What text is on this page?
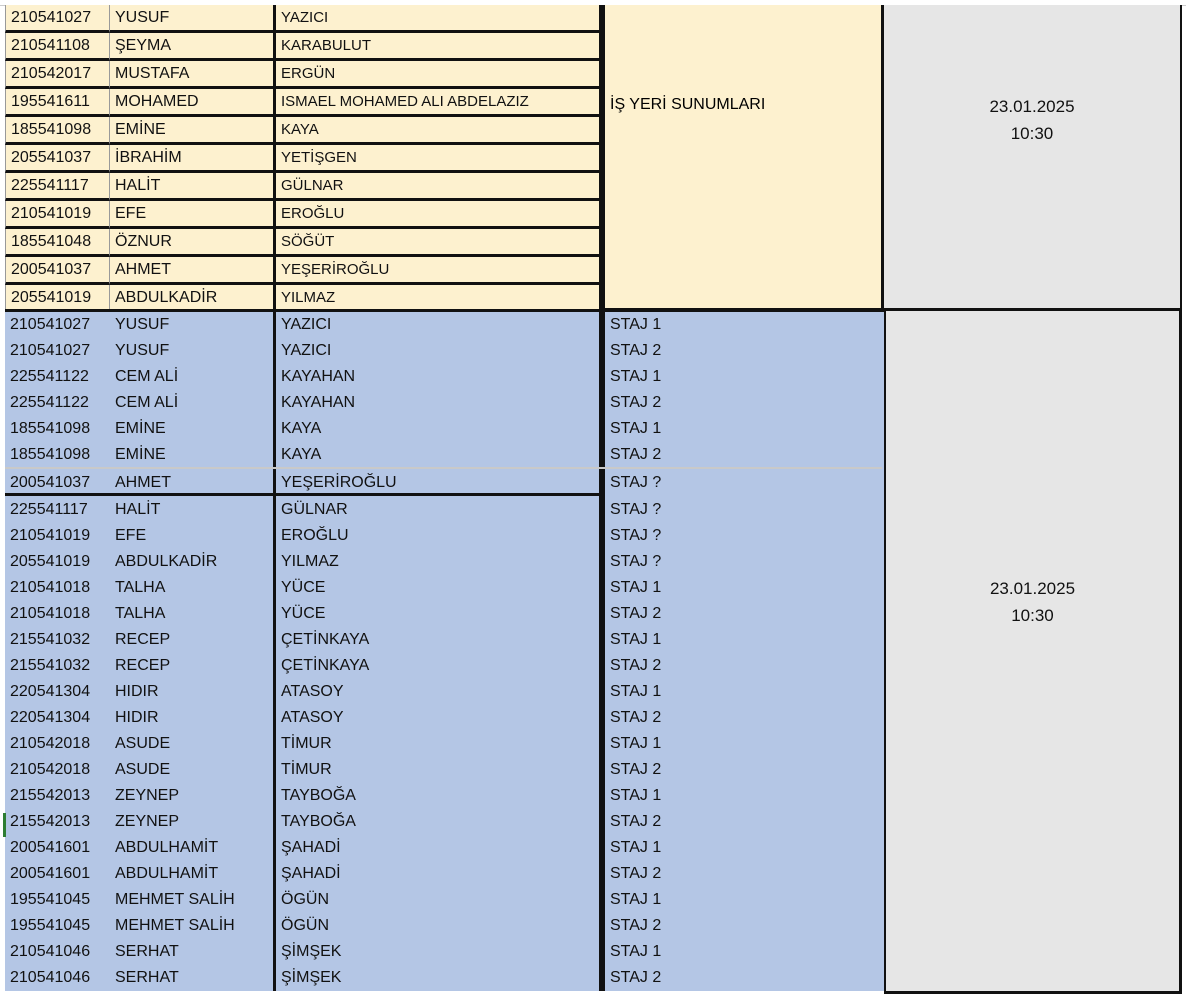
210541027	YUSUF	YAZICI
210541108	ŞEYMA	KARABULUT
210542017	MUSTAFA	ERGÜN
195541611	MOHAMED	ISMAEL MOHAMED ALI ABDELAZIZ
185541098	EMİNE	KAYA
205541037	İBRAHİM	YETİŞGEN
225541117	HALİT	GÜLNAR
210541019	EFE	EROĞLU
185541048	ÖZNUR	SÖĞÜT
200541037	AHMET	YEŞERİROĞLU
205541019	ABDULKADİR	YILMAZ
İŞ YERİ SUNUMLARI	23.01.2025
10:30
210541027	YUSUF	YAZICI	STAJ 1
210541027	YUSUF	YAZICI	STAJ 2
225541122	CEM ALİ	KAYAHAN	STAJ 1
225541122	CEM ALİ	KAYAHAN	STAJ 2
185541098	EMİNE	KAYA	STAJ 1
185541098	EMİNE	KAYA	STAJ 2
200541037	AHMET	YEŞERİROĞLU	STAJ ?
225541117	HALİT	GÜLNAR	STAJ ?
210541019	EFE	EROĞLU	STAJ ?
205541019	ABDULKADİR	YILMAZ	STAJ ?
210541018	TALHA	YÜCE	STAJ 1
210541018	TALHA	YÜCE	STAJ 2
215541032	RECEP	ÇETİNKAYA	STAJ 1
215541032	RECEP	ÇETİNKAYA	STAJ 2
220541304	HIDIR	ATASOY	STAJ 1
220541304	HIDIR	ATASOY	STAJ 2
210542018	ASUDE	TİMUR	STAJ 1
210542018	ASUDE	TİMUR	STAJ 2
215542013	ZEYNEP	TAYBOĞA	STAJ 1
215542013	ZEYNEP	TAYBOĞA	STAJ 2
200541601	ABDULHAMİT	ŞAHADİ	STAJ 1
200541601	ABDULHAMİT	ŞAHADİ	STAJ 2
195541045	MEHMET SALİH	ÖGÜN	STAJ 1
195541045	MEHMET SALİH	ÖGÜN	STAJ 2
210541046	SERHAT	ŞİMŞEK	STAJ 1
210541046	SERHAT	ŞİMŞEK	STAJ 2
23.01.2025
10:30
